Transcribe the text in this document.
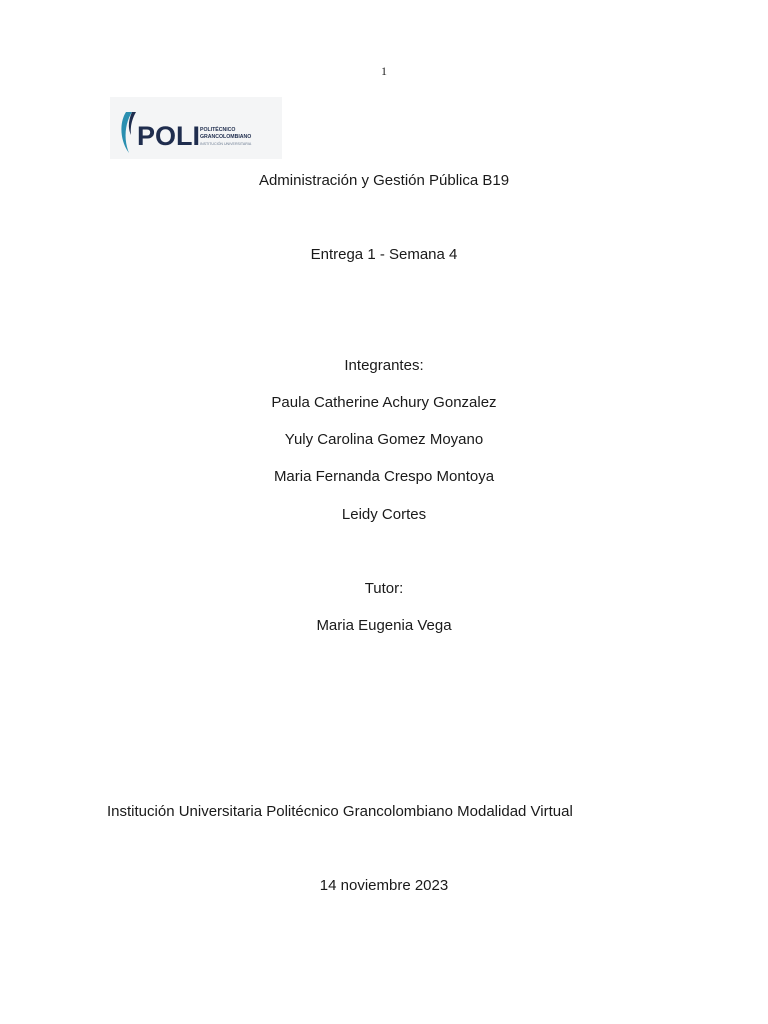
1
POLI POLITÉCNICO
GRANCOLOMBIANO
INSTITUCIÓN UNIVERSITARIA
Administración y Gestión Pública B19
Entrega 1 - Semana 4
Integrantes:
Paula Catherine Achury Gonzalez
Yuly Carolina Gomez Moyano
Maria Fernanda Crespo Montoya
Leidy Cortes
Tutor:
Maria Eugenia Vega
Institución Universitaria Politécnico Grancolombiano Modalidad Virtual
14 noviembre 2023
